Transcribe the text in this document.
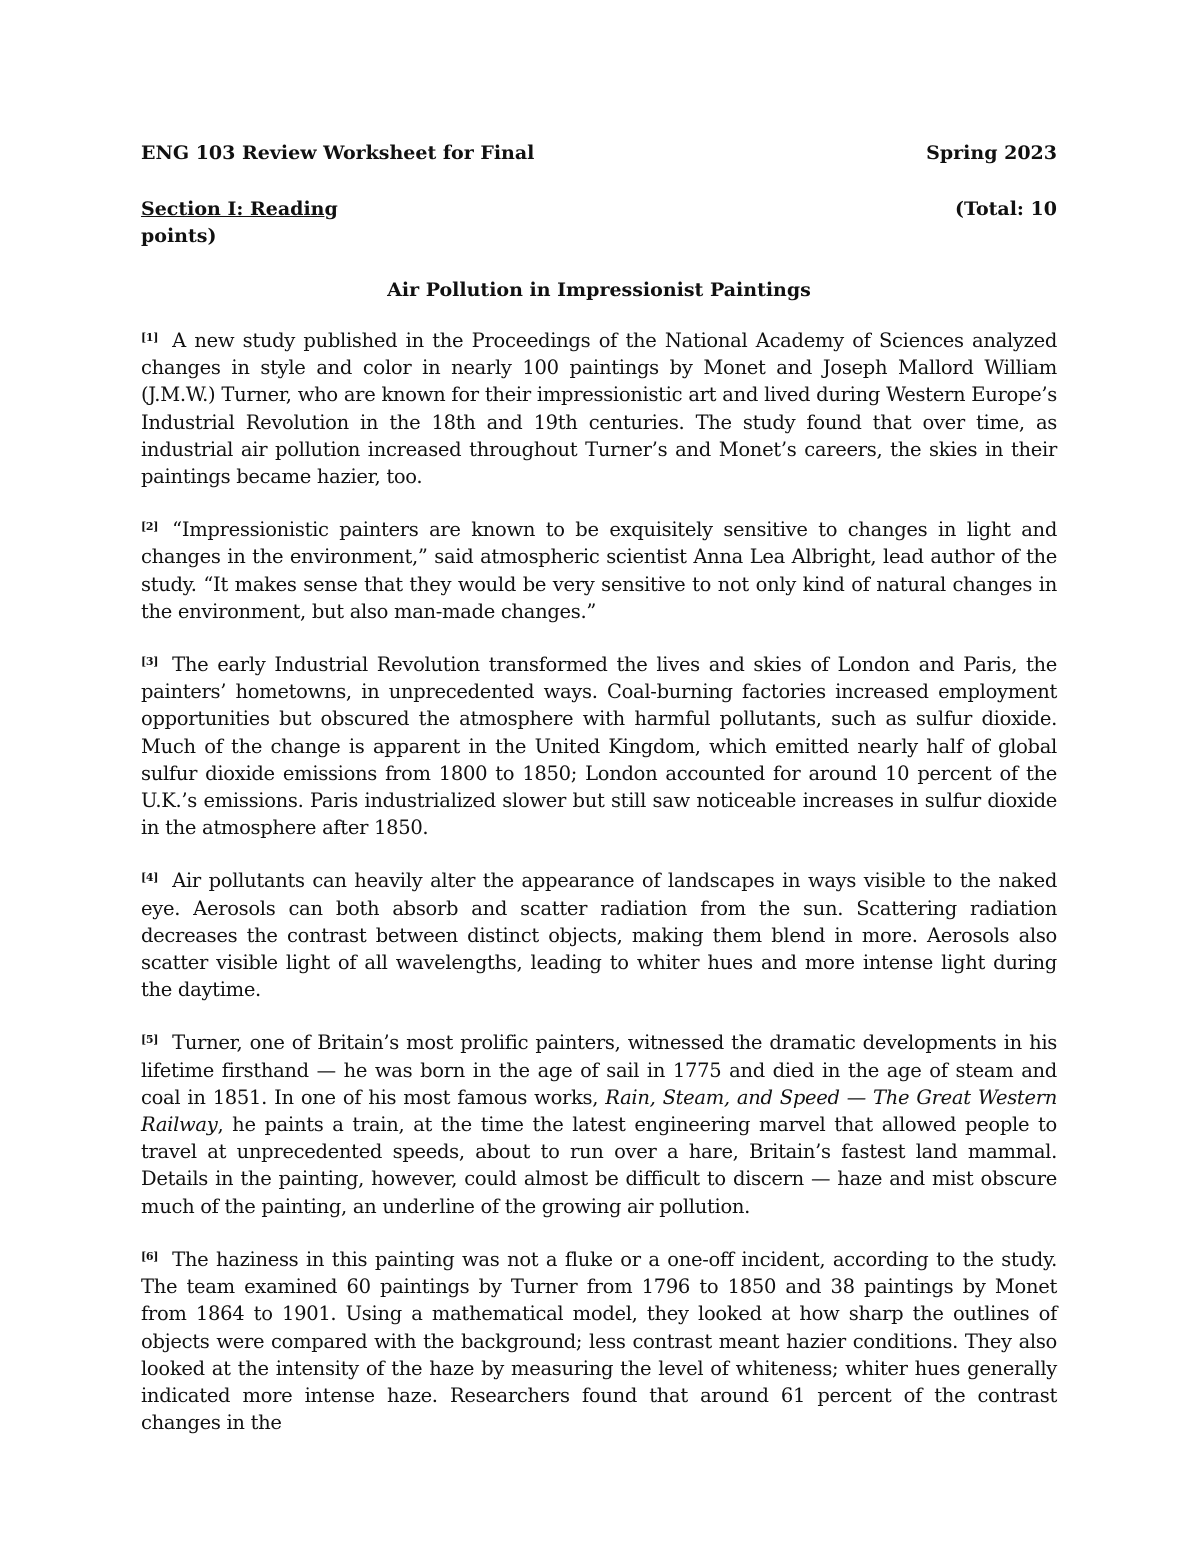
ENG 103 Review Worksheet for Final	Spring 2023
Section I: Reading	(Total: 10
points)
Air Pollution in Impressionist Paintings

[1] A new study published in the Proceedings of the National Academy of Sciences analyzed changes in style and color in nearly 100 paintings by Monet and Joseph Mallord William (J.M.W.) Turner, who are known for their impressionistic art and lived during Western Europe’s Industrial Revolution in the 18th and 19th centuries. The study found that over time, as industrial air pollution increased throughout Turner’s and Monet’s careers, the skies in their paintings became hazier, too.

[2] “Impressionistic painters are known to be exquisitely sensitive to changes in light and changes in the environment,” said atmospheric scientist Anna Lea Albright, lead author of the study. “It makes sense that they would be very sensitive to not only kind of natural changes in the environment, but also man-made changes.”

[3] The early Industrial Revolution transformed the lives and skies of London and Paris, the painters’ hometowns, in unprecedented ways. Coal-burning factories increased employment opportunities but obscured the atmosphere with harmful pollutants, such as sulfur dioxide. Much of the change is apparent in the United Kingdom, which emitted nearly half of global sulfur dioxide emissions from 1800 to 1850; London accounted for around 10 percent of the U.K.’s emissions. Paris industrialized slower but still saw noticeable increases in sulfur dioxide in the atmosphere after 1850.

[4] Air pollutants can heavily alter the appearance of landscapes in ways visible to the naked eye. Aerosols can both absorb and scatter radiation from the sun. Scattering radiation decreases the contrast between distinct objects, making them blend in more. Aerosols also scatter visible light of all wavelengths, leading to whiter hues and more intense light during the daytime.

[5] Turner, one of Britain’s most prolific painters, witnessed the dramatic developments in his lifetime firsthand — he was born in the age of sail in 1775 and died in the age of steam and coal in 1851. In one of his most famous works, Rain, Steam, and Speed — The Great Western Railway, he paints a train, at the time the latest engineering marvel that allowed people to travel at unprecedented speeds, about to run over a hare, Britain’s fastest land mammal. Details in the painting, however, could almost be difficult to discern — haze and mist obscure much of the painting, an underline of the growing air pollution.

[6] The haziness in this painting was not a fluke or a one-off incident, according to the study. The team examined 60 paintings by Turner from 1796 to 1850 and 38 paintings by Monet from 1864 to 1901. Using a mathematical model, they looked at how sharp the outlines of objects were compared with the background; less contrast meant hazier conditions. They also looked at the intensity of the haze by measuring the level of whiteness; whiter hues generally indicated more intense haze. Researchers found that around 61 percent of the contrast changes in the
